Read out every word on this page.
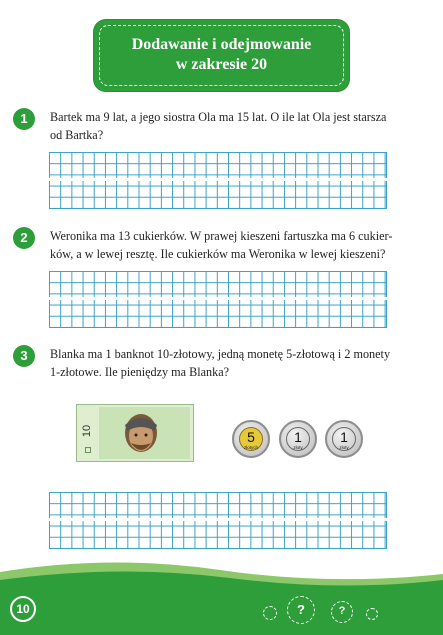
Dodawanie i odejmowanie
w zakresie 20
1	Bartek ma 9 lat, a jego siostra Ola ma 15 lat. O ile lat Ola jest starsza
od Bartka?
2	Weronika ma 13 cukierków. W prawej kieszeni fartuszka ma 6 cukier-
ków, a w lewej resztę. Ile cukierków ma Weronika w lewej kieszeni?
3	Blanka ma 1 banknot 10-złotowy, jedną monetę 5-złotową i 2 monety
1-złotowe. Ile pieniędzy ma Blanka?
10	5
złotych
1
złoty
1
złoty
10	?	?
